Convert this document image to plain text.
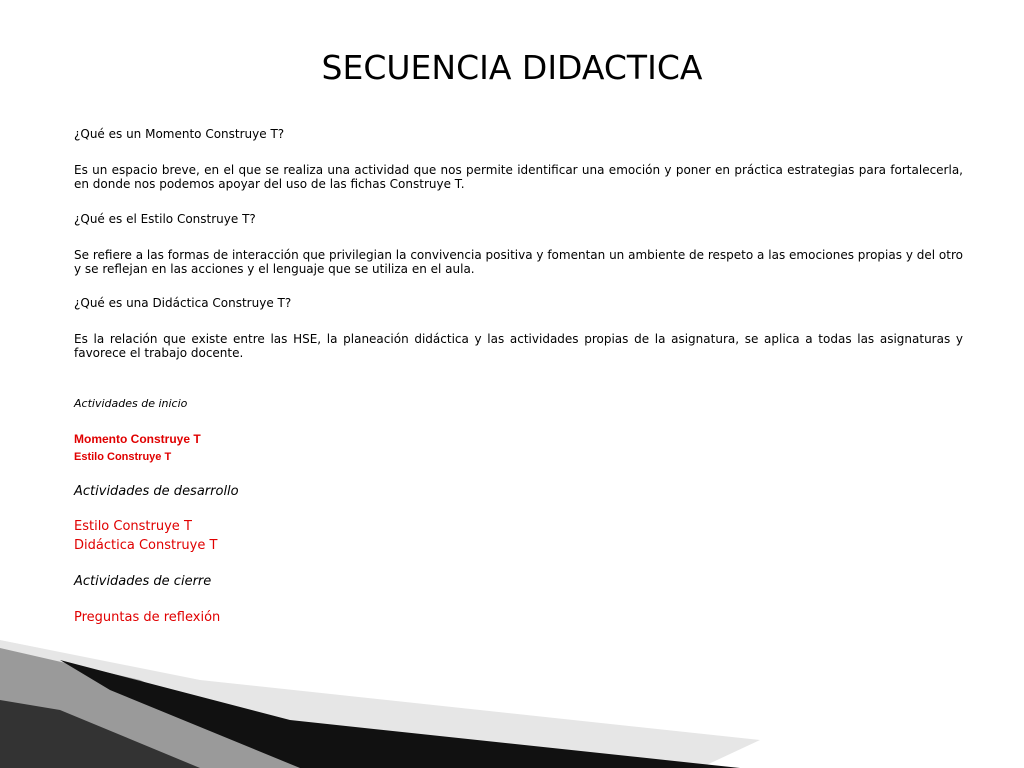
SECUENCIA DIDACTICA

¿Qué es un Momento Construye T?

Es un espacio breve, en el que se realiza una actividad que nos permite identificar una emoción y poner en práctica estrategias para fortalecerla, en donde nos podemos apoyar del uso de las fichas Construye T.

¿Qué es el Estilo Construye T?

Se refiere a las formas de interacción que privilegian la convivencia positiva y fomentan un ambiente de respeto a las emociones propias y del otro y se reflejan en las acciones y el lenguaje que se utiliza en el aula.

¿Qué es una Didáctica Construye T?

Es la relación que existe entre las HSE, la planeación didáctica y las actividades propias de la asignatura, se aplica a todas las asignaturas y favorece el trabajo docente.

Actividades de inicio
Momento Construye T
Estilo Construye T
Actividades de desarrollo
Estilo Construye T
Didáctica Construye T
Actividades de cierre
Preguntas de reflexión
